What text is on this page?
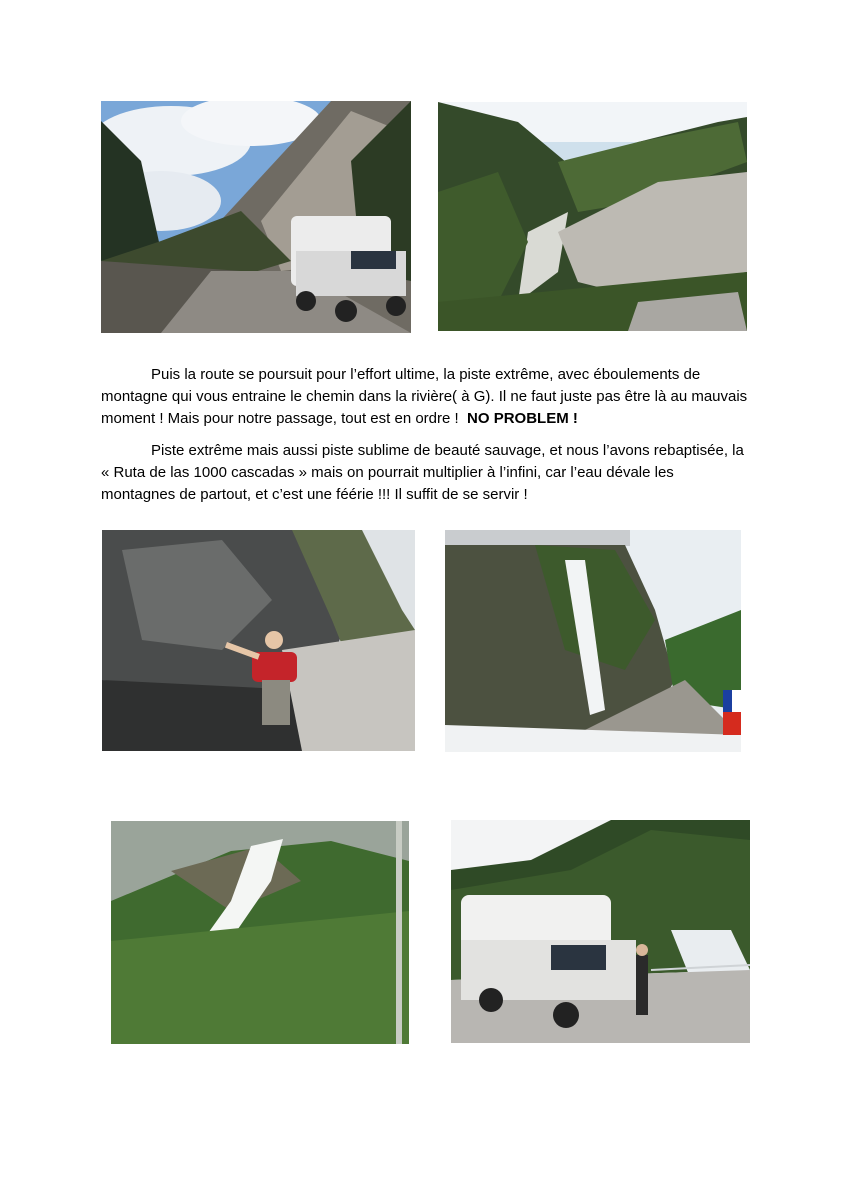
Puis la route se poursuit pour l’effort ultime, la piste extrême, avec éboulements de montagne qui vous entraine le chemin dans la rivière( à G). Il ne faut juste pas être là au mauvais moment ! Mais pour notre passage, tout est en ordre ! NO PROBLEM !

Piste extrême mais aussi piste sublime de beauté sauvage, et nous l’avons rebaptisée, la « Ruta de las 1000 cascadas » mais on pourrait multiplier à l’infini, car l’eau dévale les montagnes de partout, et c’est une féérie !!! Il suffit de se servir !
